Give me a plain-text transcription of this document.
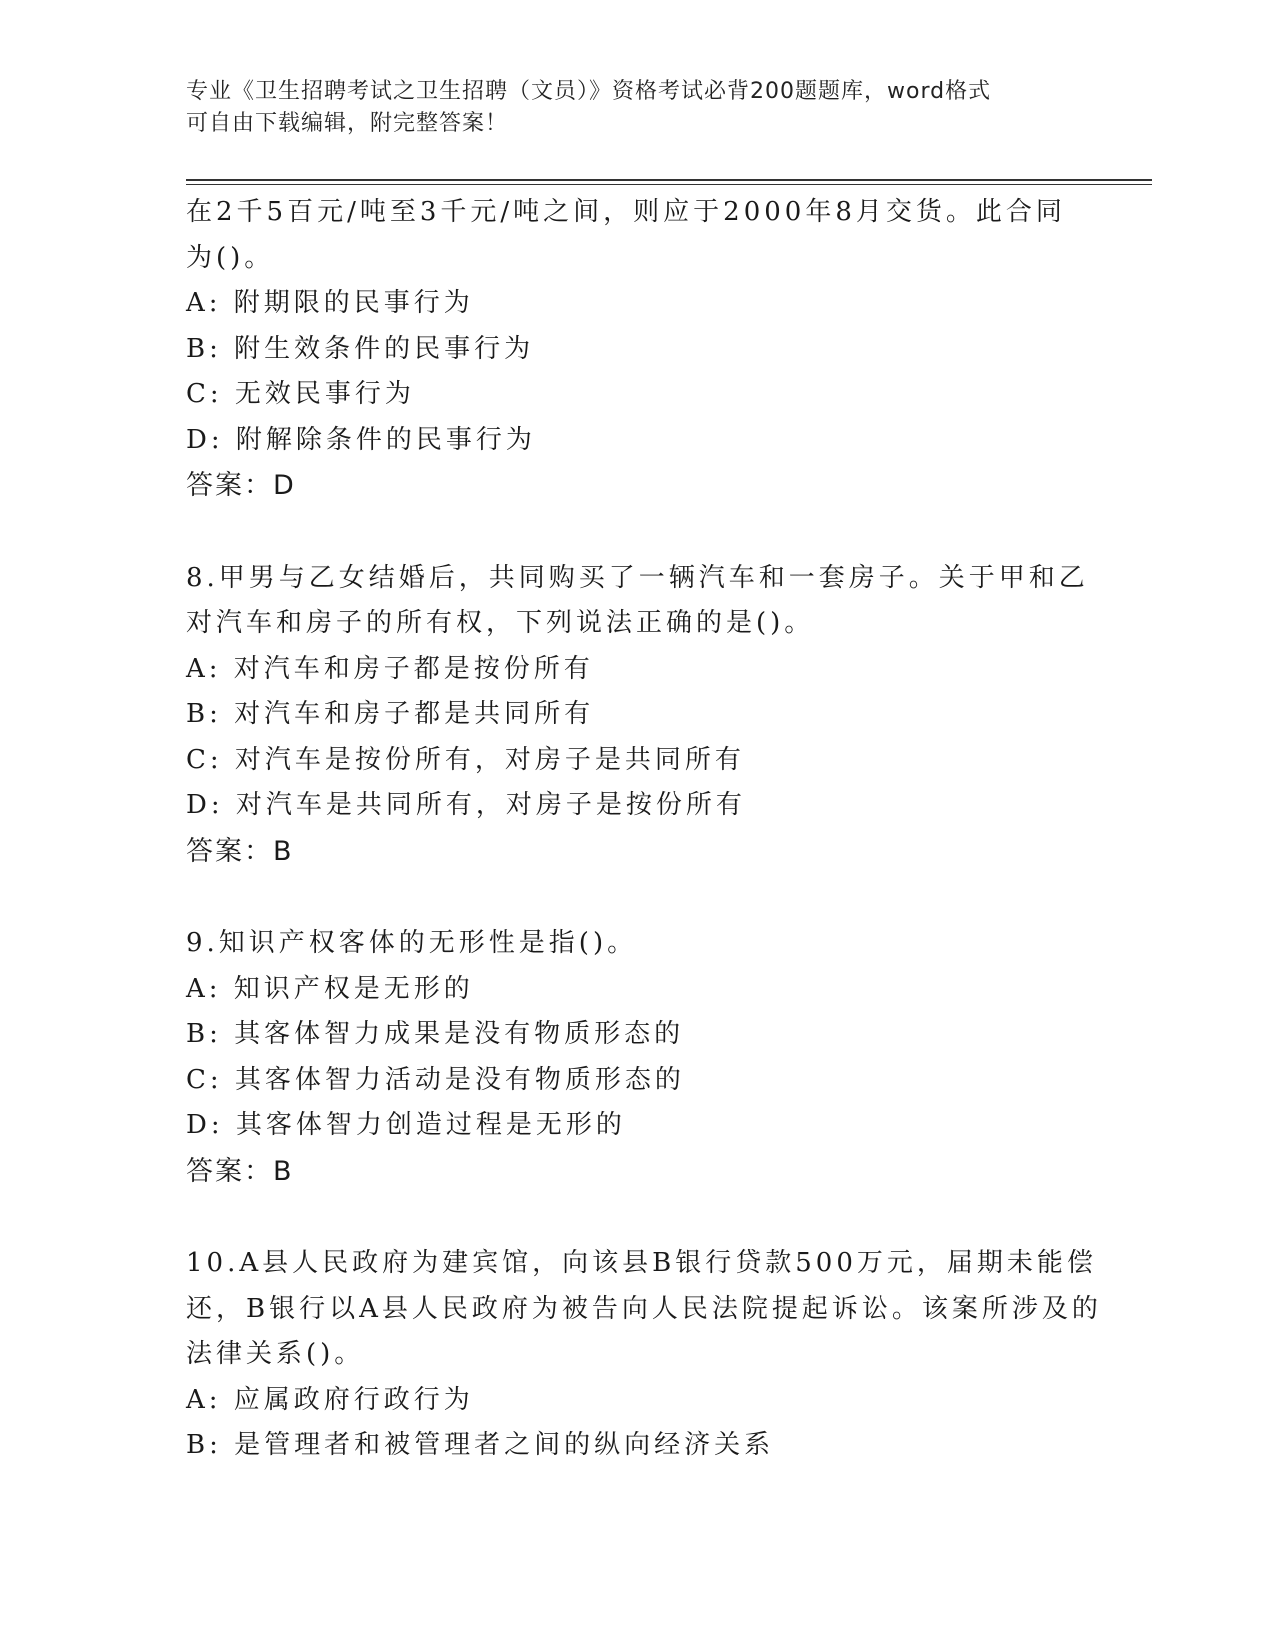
专业《卫生招聘考试之卫生招聘（文员）》资格考试必背200题题库，word格式
可自由下载编辑，附完整答案！
在2千5百元/吨至3千元/吨之间，则应于2000年8月交货。此合同
为()。
A: 附期限的民事行为
B: 附生效条件的民事行为
C: 无效民事行为
D: 附解除条件的民事行为
答案：D
8.甲男与乙女结婚后，共同购买了一辆汽车和一套房子。关于甲和乙
对汽车和房子的所有权，下列说法正确的是()。
A: 对汽车和房子都是按份所有
B: 对汽车和房子都是共同所有
C: 对汽车是按份所有，对房子是共同所有
D: 对汽车是共同所有，对房子是按份所有
答案：B
9.知识产权客体的无形性是指()。
A: 知识产权是无形的
B: 其客体智力成果是没有物质形态的
C: 其客体智力活动是没有物质形态的
D: 其客体智力创造过程是无形的
答案：B
10.A县人民政府为建宾馆，向该县B银行贷款500万元，届期未能偿
还，B银行以A县人民政府为被告向人民法院提起诉讼。该案所涉及的
法律关系()。
A: 应属政府行政行为
B: 是管理者和被管理者之间的纵向经济关系
